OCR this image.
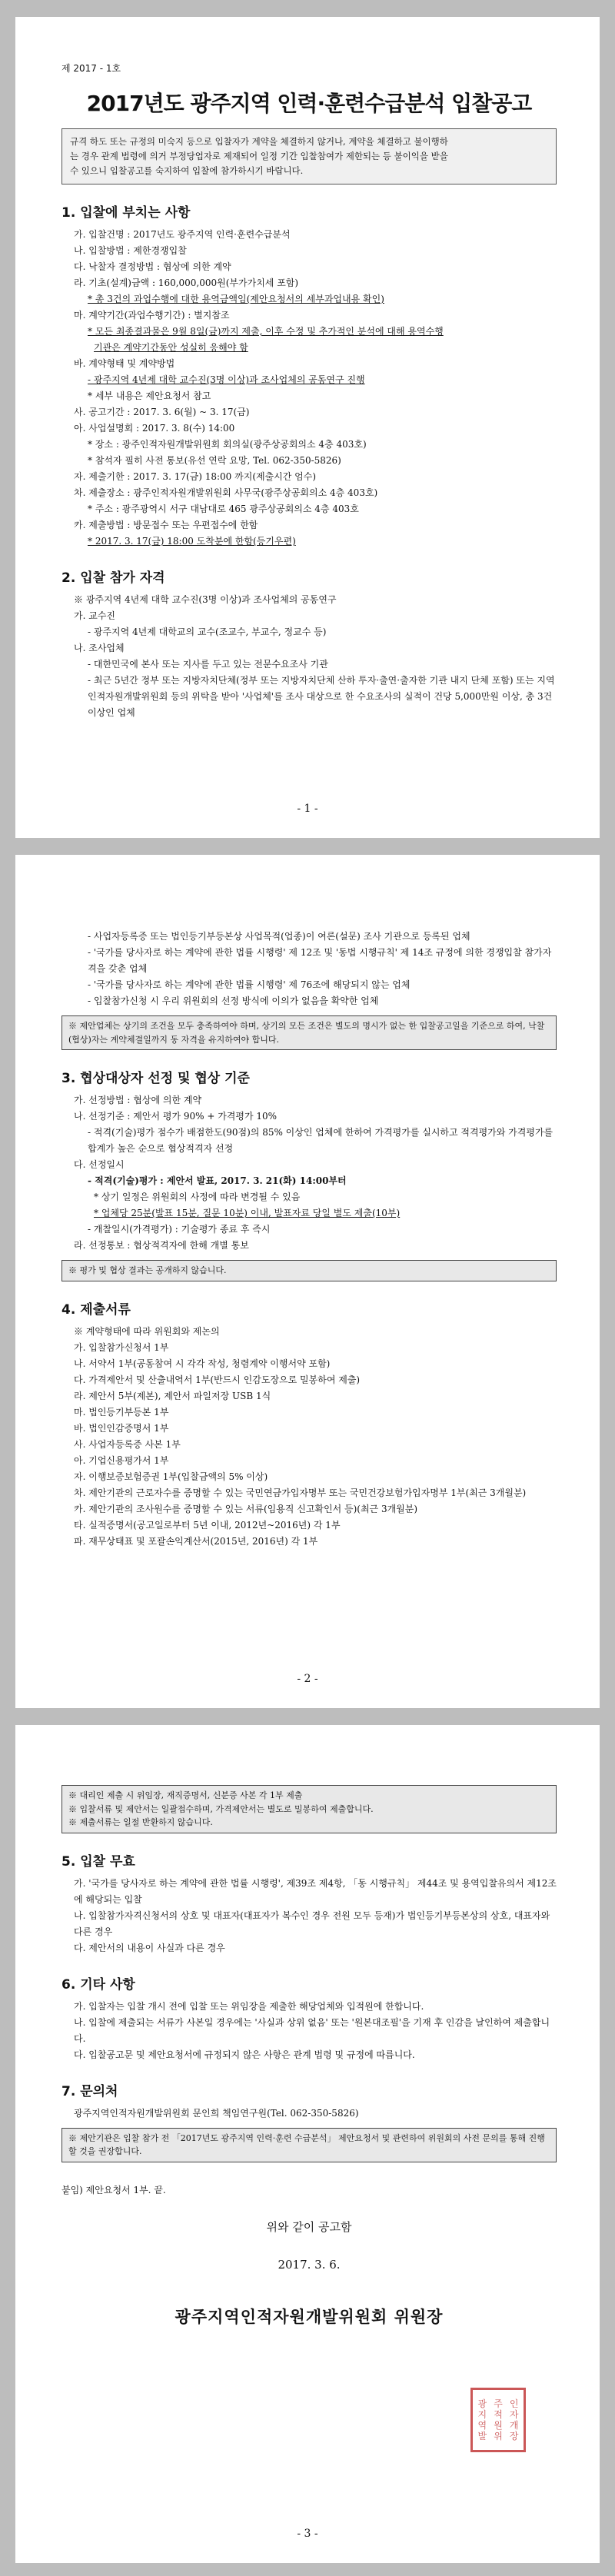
제 2017 - 1호
2017년도 광주지역 인력·훈련수급분석 입찰공고
규격 하도 또는 규정의 미숙지 등으로 입찰자가 계약을 체결하지 않거나, 계약을 체결하고 불이행하
는 경우 관계 법령에 의거 부정당업자로 제재되어 일정 기간 입찰참여가 제한되는 등 불이익을 받을
수 있으니 입찰공고를 숙지하여 입찰에 참가하시기 바랍니다.
1. 입찰에 부치는 사항
가. 입찰건명 : 2017년도 광주지역 인력·훈련수급분석
나. 입찰방법 : 제한경쟁입찰
다. 낙찰자 결정방법 : 협상에 의한 계약
라. 기초(설계)금액 : 160,000,000원(부가가치세 포함)
* 총 3건의 과업수행에 대한 용역금액임(제안요청서의 세부과업내용 확인)
마. 계약기간(과업수행기간) : 별지참조
* 모든 최종결과물은 9월 8일(금)까지 제출, 이후 수정 및 추가적인 분석에 대해 용역수행
기관은 계약기간동안 성실히 응해야 함
바. 계약형태 및 계약방법
- 광주지역 4년제 대학 교수진(3명 이상)과 조사업체의 공동연구 진행
* 세부 내용은 제안요청서 참고
사. 공고기간 : 2017. 3. 6(월) ~ 3. 17(금)
아. 사업설명회 : 2017. 3. 8(수) 14:00
* 장소 : 광주인적자원개발위원회 회의실(광주상공회의소 4층 403호)
* 참석자 필히 사전 통보(유선 연락 요망, Tel. 062-350-5826)
자. 제출기한 : 2017. 3. 17(금) 18:00 까지(제출시간 엄수)
차. 제출장소 : 광주인적자원개발위원회 사무국(광주상공회의소 4층 403호)
* 주소 : 광주광역시 서구 대남대로 465 광주상공회의소 4층 403호
카. 제출방법 : 방문접수 또는 우편접수에 한함
* 2017. 3. 17(금) 18:00 도착분에 한함(등기우편)
2. 입찰 참가 자격
※ 광주지역 4년제 대학 교수진(3명 이상)과 조사업체의 공동연구
가. 교수진
- 광주지역 4년제 대학교의 교수(조교수, 부교수, 정교수 등)
나. 조사업체
- 대한민국에 본사 또는 지사를 두고 있는 전문수요조사 기관
- 최근 5년간 정부 또는 지방자치단체(정부 또는 지방자치단체 산하 투자·출연·출자한 기관 내지 단체 포함) 또는 지역인적자원개발위원회 등의 위탁을 받아 '사업체'를 조사 대상으로 한 수요조사의 실적이 건당 5,000만원 이상, 총 3건 이상인 업체
- 1 -
- 사업자등록증 또는 법인등기부등본상 사업목적(업종)이 여론(설문) 조사 기관으로 등록된 업체
- '국가를 당사자로 하는 계약에 관한 법률 시행령' 제 12조 및 '동법 시행규칙' 제 14조 규정에 의한 경쟁입찰 참가자격을 갖춘 업체
- '국가를 당사자로 하는 계약에 관한 법률 시행령' 제 76조에 해당되지 않는 업체
- 입찰참가신청 시 우리 위원회의 선정 방식에 이의가 없음을 확약한 업체
※ 제안업체는 상기의 조건을 모두 충족하여야 하며, 상기의 모든 조건은 별도의 명시가 없는 한 입찰공고일을 기준으로 하여, 낙찰(협상)자는 계약체결일까지 동 자격을 유지하여야 합니다.
3. 협상대상자 선정 및 협상 기준
가. 선정방법 : 협상에 의한 계약
나. 선정기준 : 제안서 평가 90% + 가격평가 10%
- 적격(기술)평가 점수가 배점한도(90점)의 85% 이상인 업체에 한하여 가격평가를 실시하고 적격평가와 가격평가를 합계가 높은 순으로 협상적격자 선정
다. 선정일시
- 적격(기술)평가 : 제안서 발표, 2017. 3. 21(화) 14:00부터
* 상기 일정은 위원회의 사정에 따라 변경될 수 있음
* 업체당 25분(발표 15분, 질문 10분) 이내, 발표자료 당일 별도 제출(10부)
- 개찰일시(가격평가) : 기술평가 종료 후 즉시
라. 선정통보 : 협상적격자에 한해 개별 통보
※ 평가 및 협상 결과는 공개하지 않습니다.
4. 제출서류
※ 계약형태에 따라 위원회와 제논의
가. 입찰참가신청서 1부
나. 서약서 1부(공동참여 시 각각 작성, 청렴계약 이행서약 포함)
다. 가격제안서 및 산출내역서 1부(반드시 인감도장으로 밀봉하여 제출)
라. 제안서 5부(제본), 제안서 파일저장 USB 1식
마. 법인등기부등본 1부
바. 법인인감증명서 1부
사. 사업자등록증 사본 1부
아. 기업신용평가서 1부
자. 이행보증보험증권 1부(입찰금액의 5% 이상)
차. 제안기관의 근로자수를 증명할 수 있는 국민연금가입자명부 또는 국민건강보험가입자명부 1부(최근 3개월분)
카. 제안기관의 조사원수를 증명할 수 있는 서류(임용직 신고확인서 등)(최근 3개월분)
타. 실적증명서(공고일로부터 5년 이내, 2012년~2016년) 각 1부
파. 재무상태표 및 포괄손익계산서(2015년, 2016년) 각 1부
- 2 -
※ 대리인 제출 시 위임장, 재직증명서, 신분증 사본 각 1부 제출
※ 입찰서류 및 제안서는 일괄접수하며, 가격제안서는 별도로 밀봉하여 제출합니다.
※ 제출서류는 일절 반환하지 않습니다.
5. 입찰 무효
가. '국가를 당사자로 하는 계약에 관한 법률 시행령', 제39조 제4항, 「동 시행규칙」 제44조 및 용역입찰유의서 제12조에 해당되는 입찰
나. 입찰참가자격신청서의 상호 및 대표자(대표자가 복수인 경우 전원 모두 등재)가 법인등기부등본상의 상호, 대표자와 다른 경우
다. 제안서의 내용이 사실과 다른 경우
6. 기타 사항
가. 입찰자는 입찰 개시 전에 입찰 또는 위임장을 제출한 해당업체와 입적원에 한합니다.
나. 입찰에 제출되는 서류가 사본일 경우에는 '사실과 상위 없음' 또는 '원본대조필'을 기재 후 인감을 날인하여 제출합니다.
다. 입찰공고문 및 제안요청서에 규정되지 않은 사항은 관계 법령 및 규정에 따릅니다.
7. 문의처
광주지역인적자원개발위원회 문인희 책임연구원(Tel. 062-350-5826)
※ 제안기관은 입찰 참가 전 「2017년도 광주지역 인력·훈련 수급분석」 제안요청서 및 관련하여 위원회의 사전 문의를 통해 진행할 것을 권장합니다.
붙임) 제안요청서 1부. 끝.
위와 같이 공고함
2017. 3. 6.
광주지역인적자원개발위원회 위원장
광 주 인
지 적 자
역 원 개
발 위 장
- 3 -
